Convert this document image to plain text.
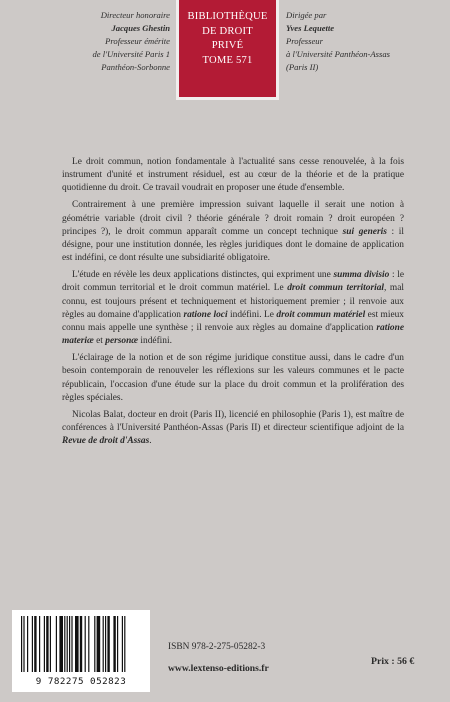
Directeur honoraire
Jacques Ghestin
Professeur émérite
de l'Université Paris 1
Panthéon-Sorbonne
BIBLIOTHÈQUE
DE DROIT
PRIVÉ
TOME 571
Dirigée par
Yves Lequette
Professeur
à l'Université Panthéon-Assas
(Paris II)

Le droit commun, notion fondamentale à l'actualité sans cesse renouvelée, à la fois instrument d'unité et instrument résiduel, est au cœur de la théorie et de la pratique quotidienne du droit. Ce travail voudrait en proposer une étude d'ensemble.

Contrairement à une première impression suivant laquelle il serait une notion à géométrie variable (droit civil ? théorie générale ? droit romain ? droit européen ? principes ?), le droit commun apparaît comme un concept technique sui generis : il désigne, pour une institution donnée, les règles juridiques dont le domaine de application est indéfini, ce dont résulte une subsidiarité obligatoire.

L'étude en révèle les deux applications distinctes, qui expriment une summa divisio : le droit commun territorial et le droit commun matériel. Le droit commun territorial, mal connu, est toujours présent et techniquement et historiquement premier ; il renvoie aux règles au domaine d'application ratione loci indéfini. Le droit commun matériel est mieux connu mais appelle une synthèse ; il renvoie aux règles au domaine d'application ratione materiæ et personæ indéfini.

L'éclairage de la notion et de son régime juridique constitue aussi, dans le cadre d'un besoin contemporain de renouveler les réflexions sur les valeurs communes et le pacte républicain, l'occasion d'une étude sur la place du droit commun et la prolifération des règles spéciales.

Nicolas Balat, docteur en droit (Paris II), licencié en philosophie (Paris 1), est maître de conférences à l'Université Panthéon-Assas (Paris II) et directeur scientifique adjoint de la Revue de droit d'Assas.

9 782275 052823
ISBN 978-2-275-05282-3
www.lextenso-editions.fr
Prix : 56 €
